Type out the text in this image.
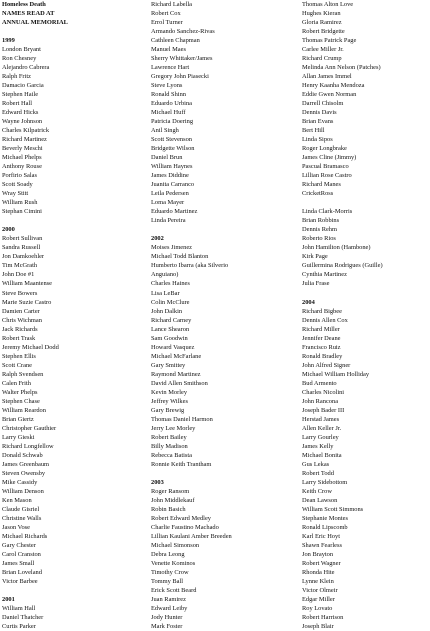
Homeless Death
NAMES READ AT
ANNUAL MEMORIAL
1999
London Bryant
Ron Chesney
Alejandro Cabrera
Ralph Fritz
Damacio Garcia
Stephen Haile
Robert Hall
Edward Hicks
Wayne Johnson
Charles Kilpatrick
Richard Martinez
Beverly Meschi
Michael Phelps
Anthony Rouse
Porfirio Salas
Scott Soady
Wray Stitt
William Rush
Stephan Cimini
2000
Robert Sullivan
Sandra Russell
Jon Damkoehler
Tim McGrath
John Doe #1
William Maantense
Steve Bowers
Marie Suzie Castro
Damien Carter
Chris Wichman
Jack Richards
Robert Trask
Jeremy Michael Dodd
Stephen Ellis
Scott Crane
Ralph Svendsen
Calen Frith
Walter Phelps
Stephen Chase
William Reardon
Brian Giertz
Christopher Gauthier
Larry Gieski
Richard Longfellow
Donald Schwab
James Greenbaum
Steven Owensby
Mike Cassidy
William Denson
Ken Mason
Claude Gisriel
Christine Walls
Jason Vose
Michael Richards
Gary Chester
Carol Cranston
James Small
Brian Loveland
Victor Barbee
2001
William Hall
Daniel Thatcher
Curtis Parker
Richard Labella
Robert Cox
Errol Turner
Armando Sanchez-Rivas
Cathleen Chapman
Manuel Maes
Sherry Whittaker/James
Lawrence Hart
Gregory John Piasecki
Steve Lyons
Ronald Shinn
Eduardo Urbina
Michael Huff
Patricia Doering
Anil Singh
Scott Stevenson
Bridgette Wilson
Daniel Brun
William Haynes
James Diddine
Juanita Carranco
Leila Pedersen
Loma Mayer
Eduardo Martinez
Linda Pereira
2002
Moises Jimenez
Michael Todd Blanton
Humberto Ibarra (aka Silverio
Anguiano)
Charles Haines
Lisa LeBar
Colin McClure
John Dalkin
Richard Carney
Lance Shearon
Sam Goodwin
Howard Vasquez
Michael McFarlane
Gary Smittey
Raymond Martinez
David Allen Smithson
Kevin Morley
Jeffrey Wilkes
Gary Brewig
Thomas Daniel Harmon
Jerry Lee Morley
Robert Bailey
Billy Madison
Rebecca Batista
Ronnie Keith Trantham
2003
Roger Ransom
John Middlekauf
Robin Basich
Robert Edward Medley
Charlie Faustino Machado
Lillian Kaulani Amber Breeden
Michael Simonson
Debra Leong
Venette Kominos
Timothy Crow
Tommy Ball
Erick Scott Beard
Juan Ramirez
Edward Leiby
Jody Hunter
Mark Foster
Thomas Alton Love
Hughes Kieran
Gloria Ramirez
Robert Bridgette
Thomas Patrick Page
Carlee Miller Jr.
Richard Crump
Melinda Ann Nelson (Patches)
Allan James Immel
Henry Kaanha Mendoza
Eddie Gwen Norman
Darrell Chisolm
Dennis Davis
Brian Evans
Bert Hill
Linda Sipos
Roger Longbrake
James Cline (Jimmy)
Pascual Bramasco
Lillian Rose Castro
Richard Manes
CricketRoss
Linda Clark-Morris
Brian Robbins
Dennis Rehm
Roberto Rios
John Hamilton (Hambone)
Kirk Page
Guillermina Rodrigues (Guille)
Cynthia Martinez
Julia Frase
2004
Richard Bigbee
Dennis Allen Cox
Richard Miller
Jennifer Deane
Francisco Ruiz
Ronald Bradley
John Alfred Signer
Michael William Holliday
Bud Armento
Charles Nicolini
John Rancona
Joseph Bader III
Herstad James
Allen Keller Jr.
Larry Gourley
James Kelly
Michael Bonita
Gus Lekas
Robert Todd
Larry Sidebottom
Keith Crow
Dean Lawson
William Scott Simmons
Stephanie Montes
Ronald Lipscomb
Karl Eric Hoyt
Shawn Fearless
Jon Brayton
Robert Wagner
Rhonda Hite
Lynne Klein
Victor Olmeir
Edgar Miller
Roy Lovato
Robert Harrison
Joseph Blair
